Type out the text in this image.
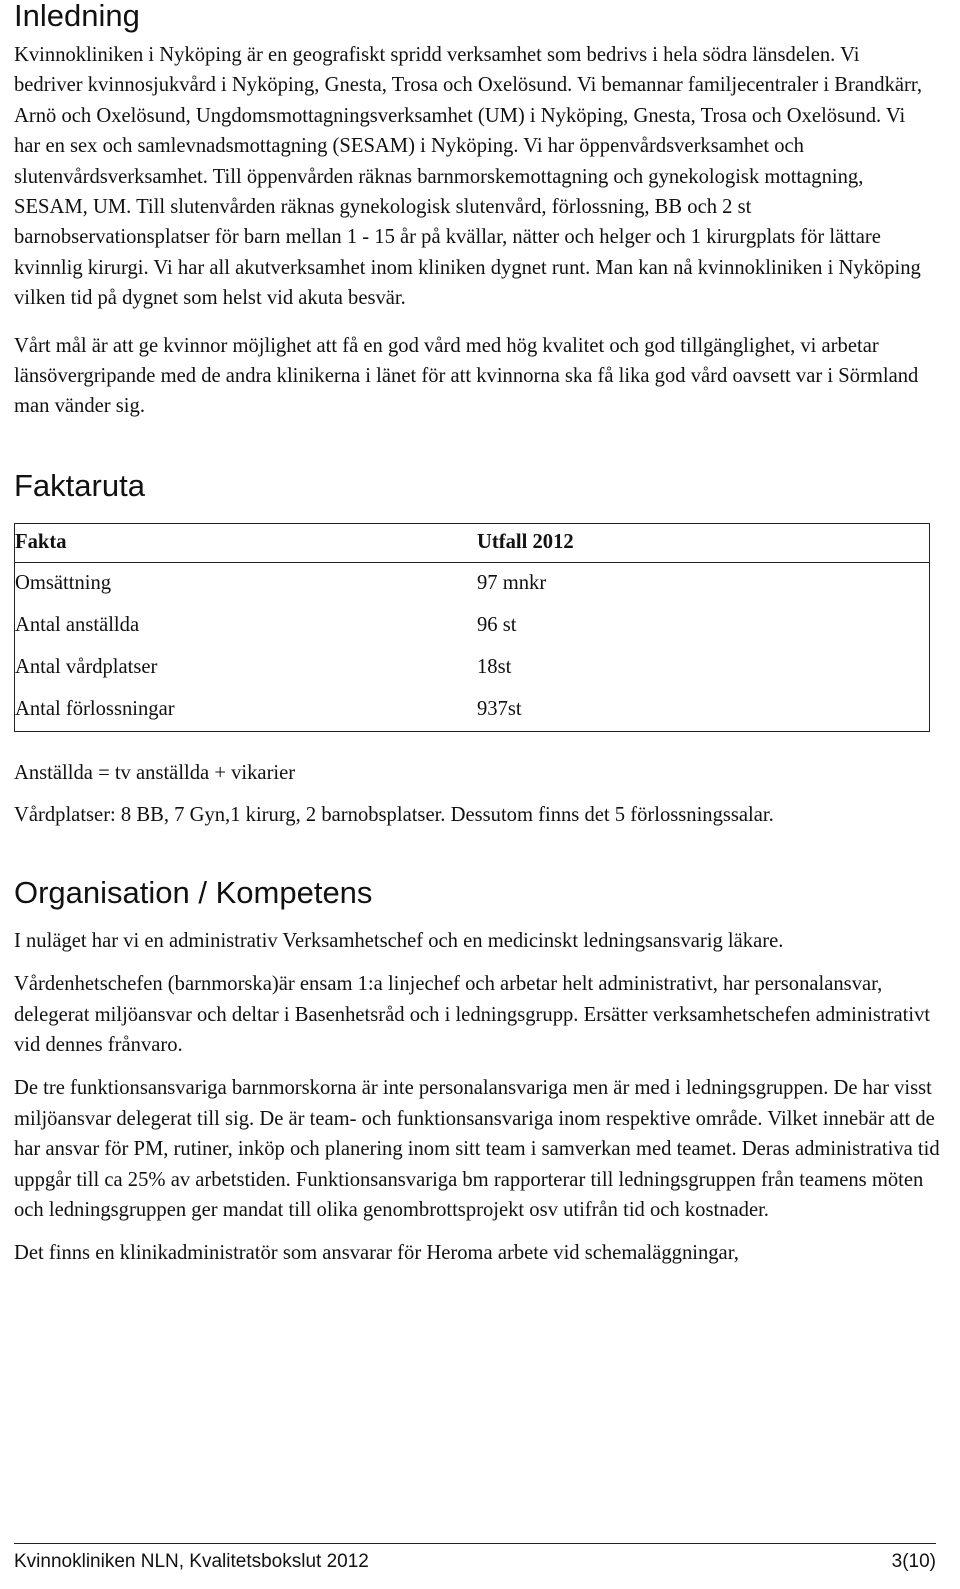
Inledning

Kvinnokliniken i Nyköping är en geografiskt spridd verksamhet som bedrivs i hela södra länsdelen. Vi bedriver kvinnosjukvård i Nyköping, Gnesta, Trosa och Oxelösund. Vi bemannar familjecentraler i Brandkärr, Arnö och Oxelösund, Ungdomsmottagningsverksamhet (UM) i Nyköping, Gnesta, Trosa och Oxelösund. Vi har en sex och samlevnadsmottagning (SESAM) i Nyköping. Vi har öppenvårdsverksamhet och slutenvårdsverksamhet. Till öppenvården räknas barnmorskemottagning och gynekologisk mottagning, SESAM, UM. Till slutenvården räknas gynekologisk slutenvård, förlossning, BB och 2 st barnobservationsplatser för barn mellan 1 - 15 år på kvällar, nätter och helger och 1 kirurgplats för lättare kvinnlig kirurgi. Vi har all akutverksamhet inom kliniken dygnet runt. Man kan nå kvinnokliniken i Nyköping vilken tid på dygnet som helst vid akuta besvär.

Vårt mål är att ge kvinnor möjlighet att få en god vård med hög kvalitet och god tillgänglighet, vi arbetar länsövergripande med de andra klinikerna i länet för att kvinnorna ska få lika god vård oavsett var i Sörmland man vänder sig.

Faktaruta
Fakta	Utfall 2012
Omsättning	97 mnkr
Antal anställda	96 st
Antal vårdplatser	18st
Antal förlossningar	937st

Anställda = tv anställda + vikarier

Vårdplatser: 8 BB, 7 Gyn,1 kirurg, 2 barnobsplatser. Dessutom finns det 5 förlossningssalar.

Organisation / Kompetens

I nuläget har vi en administrativ Verksamhetschef och en medicinskt ledningsansvarig läkare.

Vårdenhetschefen (barnmorska)är ensam 1:a linjechef och arbetar helt administrativt, har personalansvar, delegerat miljöansvar och deltar i Basenhetsråd och i ledningsgrupp. Ersätter verksamhetschefen administrativt vid dennes frånvaro.

De tre funktionsansvariga barnmorskorna är inte personalansvariga men är med i ledningsgruppen. De har visst miljöansvar delegerat till sig. De är team- och funktionsansvariga inom respektive område. Vilket innebär att de har ansvar för PM, rutiner, inköp och planering inom sitt team i samverkan med teamet. Deras administrativa tid uppgår till ca 25% av arbetstiden. Funktionsansvariga bm rapporterar till ledningsgruppen från teamens möten och ledningsgruppen ger mandat till olika genombrottsprojekt osv utifrån tid och kostnader.

Det finns en klinikadministratör som ansvarar för Heroma arbete vid schemaläggningar,

Kvinnokliniken NLN, Kvalitetsbokslut 2012	3(10)
